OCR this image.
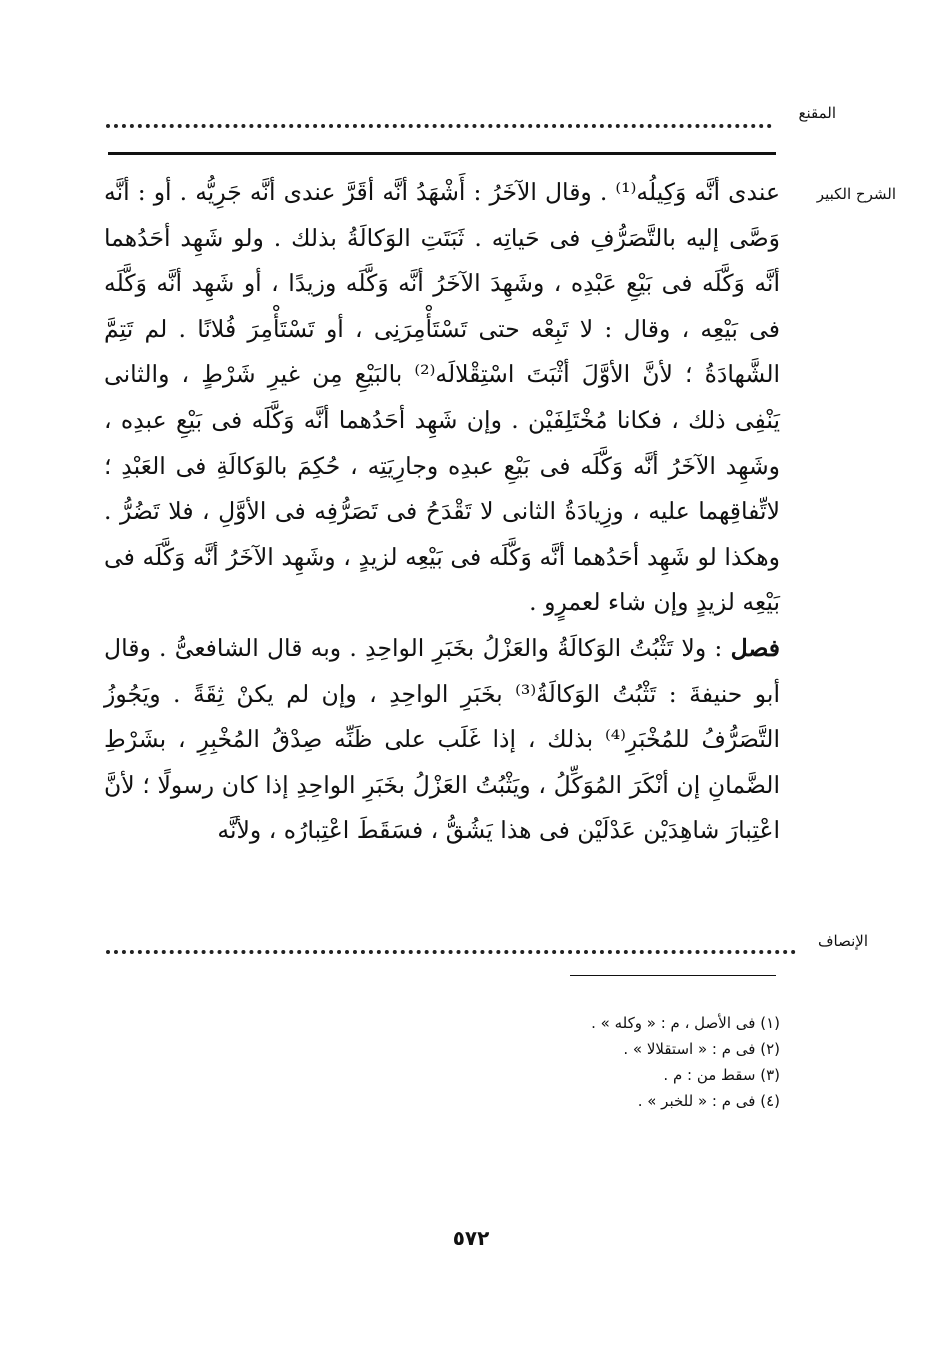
المقنع
الشرح الكبير

عندى أنَّه وَكِيلُه⁽¹⁾ . وقال الآخَرُ : أَشْهَدُ أنَّه أقَرَّ عندى أنَّه جَرِيُّه . أو : أنَّه وَصَّى إليه بالتَّصَرُّفِ فى حَياتِه . ثَبَتَتِ الوَكالَةُ بذلك . ولو شَهِد أحَدُهما أنَّه وَكَّلَه فى بَيْعِ عَبْدِه ، وشَهِدَ الآخَرُ أنَّه وَكَّلَه وزيدًا ، أو شَهِد أنَّه وَكَّلَه فى بَيْعِه ، وقال : لا تَبِعْه حتى تَسْتَأْمِرَنِى ، أو تَسْتَأْمِرَ فُلانًا . لم تَتِمَّ الشَّهادَةُ ؛ لأنَّ الأوَّلَ أثْبَتَ اسْتِقْلالَه⁽²⁾ بالبَيْعِ مِن غيرِ شَرْطٍ ، والثانى يَنْفِى ذلك ، فكانا مُخْتَلِفَيْن . وإن شَهِد أحَدُهما أنَّه وَكَّلَه فى بَيْعِ عبدِه ، وشَهِد الآخَرُ أنَّه وَكَّلَه فى بَيْعِ عبدِه وجارِيَتِه ، حُكِمَ بالوَكالَةِ فى العَبْدِ ؛ لاتِّفاقِهما عليه ، وزِيادَةُ الثانى لا تَقْدَحُ فى تَصَرُّفِه فى الأوَّلِ ، فلا تَضُرُّ . وهكذا لو شَهِد أحَدُهما أنَّه وَكَّلَه فى بَيْعِه لزيدٍ ، وشَهِد الآخَرُ أنَّه وَكَّلَه فى بَيْعِه لزيدٍ وإن شاء لعمرٍو .

فصل : ولا تَثْبُتُ الوَكالَةُ والعَزْلُ بخَبَرِ الواحِدِ . وبه قال الشافعىُّ . وقال أبو حنيفةَ : تَثْبُتُ الوَكالَةُ⁽³⁾ بخَبَرِ الواحِدِ ، وإن لم يكنْ ثِقَةً . ويَجُوزُ التَّصَرُّفُ للمُخْبَرِ⁽⁴⁾ بذلك ، إذا غَلَب على ظَنِّه صِدْقُ المُخْبِرِ ، بشَرْطِ الضَّمانِ إن أنْكَرَ المُوَكِّلُ ، ويَثْبُتُ العَزْلُ بخَبَرِ الواحِدِ إذا كان رسولًا ؛ لأنَّ اعْتِبارَ شاهِدَيْن عَدْلَيْن فى هذا يَشُقُّ ، فسَقَطَ اعْتِبارُه ، ولأنَّه

الإنصاف
(١) فى الأصل ، م : « وكله » .
(٢) فى م : « استقلالا » .
(٣) سقط من : م .
(٤) فى م : « للخبر » .
٥٧٢
